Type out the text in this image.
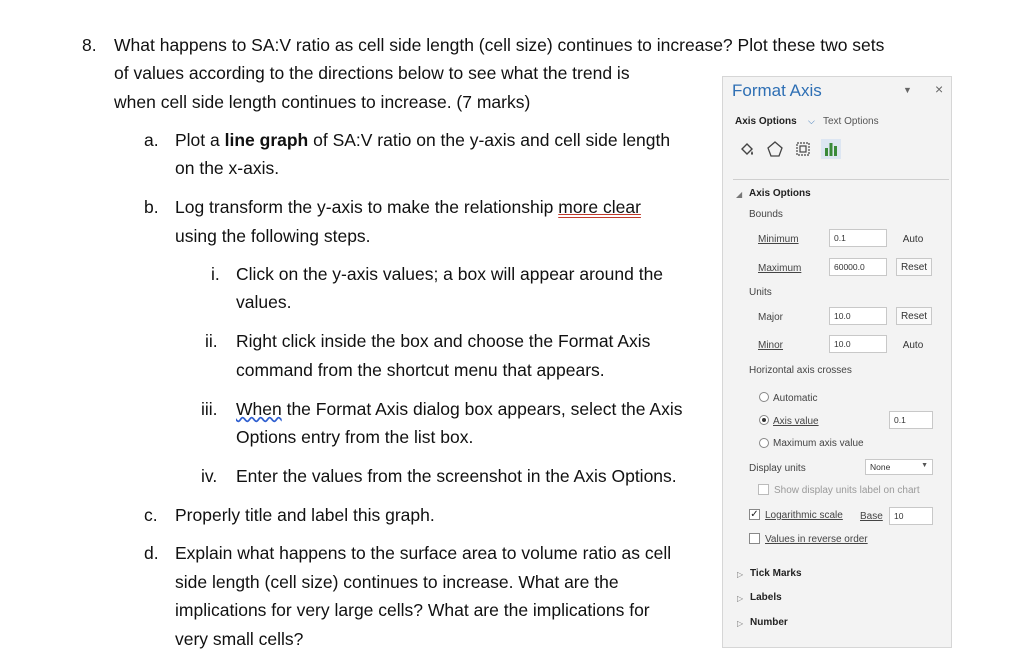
8. What happens to SA:V ratio as cell side length (cell size) continues to increase? Plot these two sets
of values according to the directions below to see what the trend is
when cell side length continues to increase. (7 marks)
a. Plot a line graph of SA:V ratio on the y-axis and cell side length
on the x-axis.
b. Log transform the y-axis to make the relationship more clear
using the following steps.
i. Click on the y-axis values; a box will appear around the
values.
ii. Right click inside the box and choose the Format Axis
command from the shortcut menu that appears.
iii. When the Format Axis dialog box appears, select the Axis
Options entry from the list box.
iv. Enter the values from the screenshot in the Axis Options.
c. Properly title and label this graph.
d. Explain what happens to the surface area to volume ratio as cell
side length (cell size) continues to increase. What are the
implications for very large cells? What are the implications for
very small cells?
Format Axis	▼ ×
Axis Options ⌵ Text Options
◢ Axis Options
Bounds
Minimum	0.1	Auto
Maximum	60000.0	Reset
Units
Major	10.0	Reset
Minor	10.0	Auto
Horizontal axis crosses
Automatic
Axis value	0.1
Maximum axis value
Display units	None	▼
Show display units label on chart
✓ Logarithmic scale Base	10
Values in reverse order
▷ Tick Marks
▷ Labels
▷ Number
